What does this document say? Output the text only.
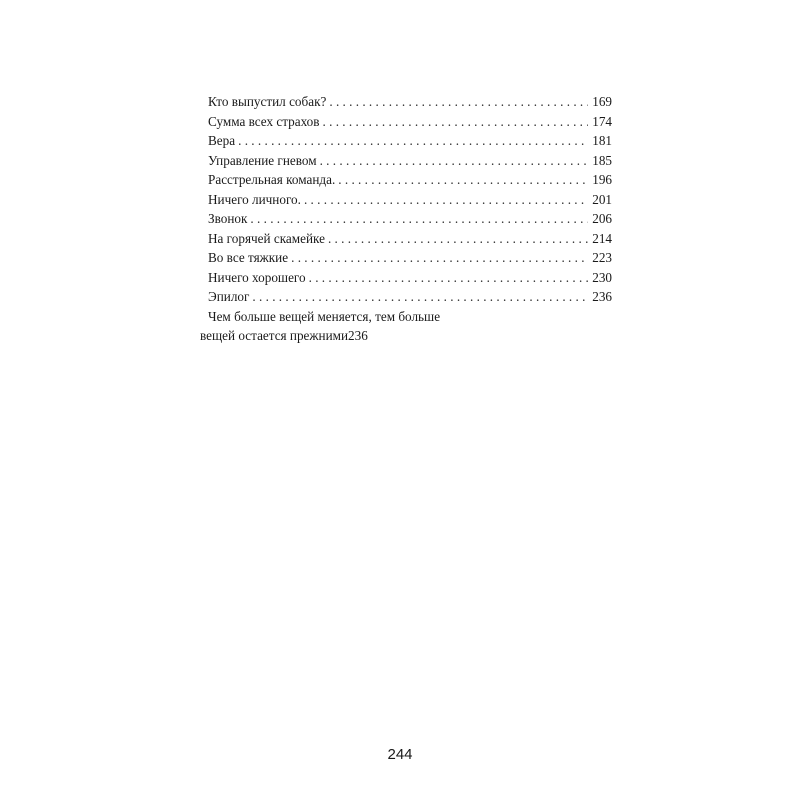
Кто выпустил собак? . . .	169
Сумма всех страхов . . .	174
Вера . . .	181
Управление гневом . . .	185
Расстрельная команда. . . .	196
Ничего личного. . . .	201
Звонок . . .	206
На горячей скамейке . . .	214
Во все тяжкие . . .	223
Ничего хорошего . . .	230
Эпилог . . .	236
Чем больше вещей меняется, тем больше
вещей остается прежними 236
244
